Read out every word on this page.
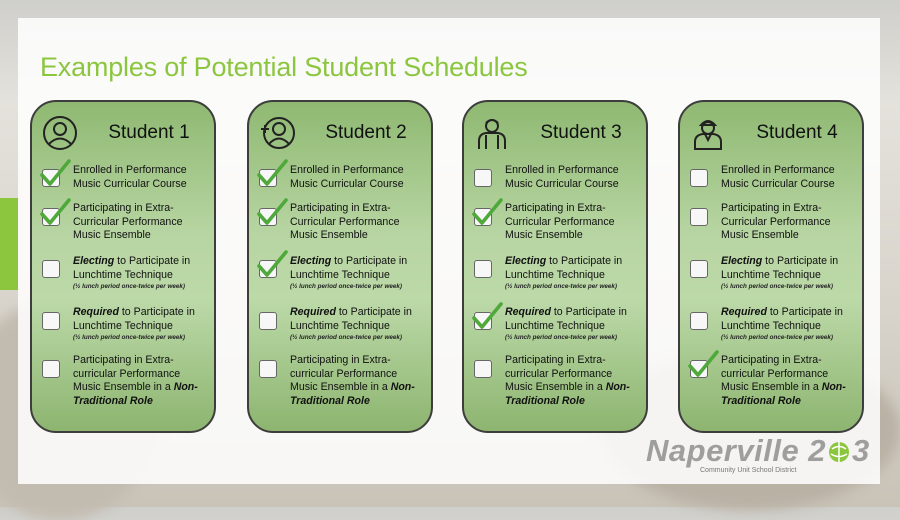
Examples of Potential Student Schedules
Student 1
Enrolled in Performance
Music Curricular Course
Participating in Extra-
Curricular Performance
Music Ensemble
Electing to Participate in
Lunchtime Technique
(½ lunch period once-twice per week)
Required to Participate in
Lunchtime Technique
(½ lunch period once-twice per week)
Participating in Extra-
curricular Performance
Music Ensemble in a Non-
Traditional Role
Student 2
Enrolled in Performance
Music Curricular Course
Participating in Extra-
Curricular Performance
Music Ensemble
Electing to Participate in
Lunchtime Technique
(½ lunch period once-twice per week)
Required to Participate in
Lunchtime Technique
(½ lunch period once-twice per week)
Participating in Extra-
curricular Performance
Music Ensemble in a Non-
Traditional Role
Student 3
Enrolled in Performance
Music Curricular Course
Participating in Extra-
Curricular Performance
Music Ensemble
Electing to Participate in
Lunchtime Technique
(½ lunch period once-twice per week)
Required to Participate in
Lunchtime Technique
(½ lunch period once-twice per week)
Participating in Extra-
curricular Performance
Music Ensemble in a Non-
Traditional Role
Student 4
Enrolled in Performance
Music Curricular Course
Participating in Extra-
Curricular Performance
Music Ensemble
Electing to Participate in
Lunchtime Technique
(½ lunch period once-twice per week)
Required to Participate in
Lunchtime Technique
(½ lunch period once-twice per week)
Participating in Extra-
curricular Performance
Music Ensemble in a Non-
Traditional Role
Naperville 2 3
Community Unit School District
